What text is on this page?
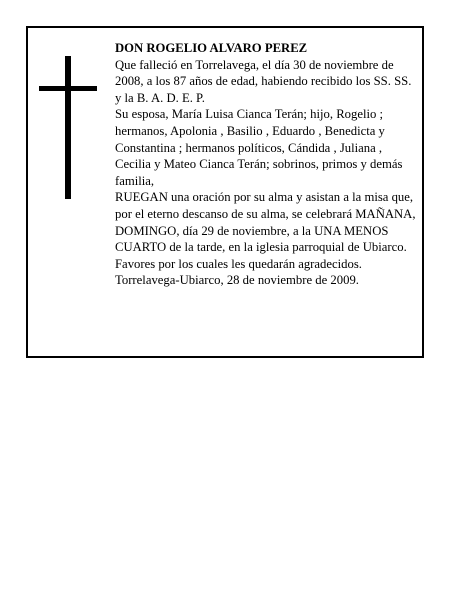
DON ROGELIO ALVARO PEREZ

Que falleció en Torrelavega, el día 30 de noviembre de 2008, a los 87 años de edad, habiendo recibido los SS. SS. y la B. A. D. E. P.

Su esposa, María Luisa Cianca Terán; hijo, Rogelio ; hermanos, Apolonia , Basilio , Eduardo , Benedicta y Constantina ; hermanos políticos, Cándida , Juliana , Cecilia y Mateo Cianca Terán; sobrinos, primos y demás familia,

RUEGAN una oración por su alma y asistan a la misa que, por el eterno descanso de su alma, se celebrará MAÑANA, DOMINGO, día 29 de noviembre, a la UNA MENOS CUARTO de la tarde, en la iglesia parroquial de Ubiarco. Favores por los cuales les quedarán agradecidos.

Torrelavega-Ubiarco, 28 de noviembre de 2009.
